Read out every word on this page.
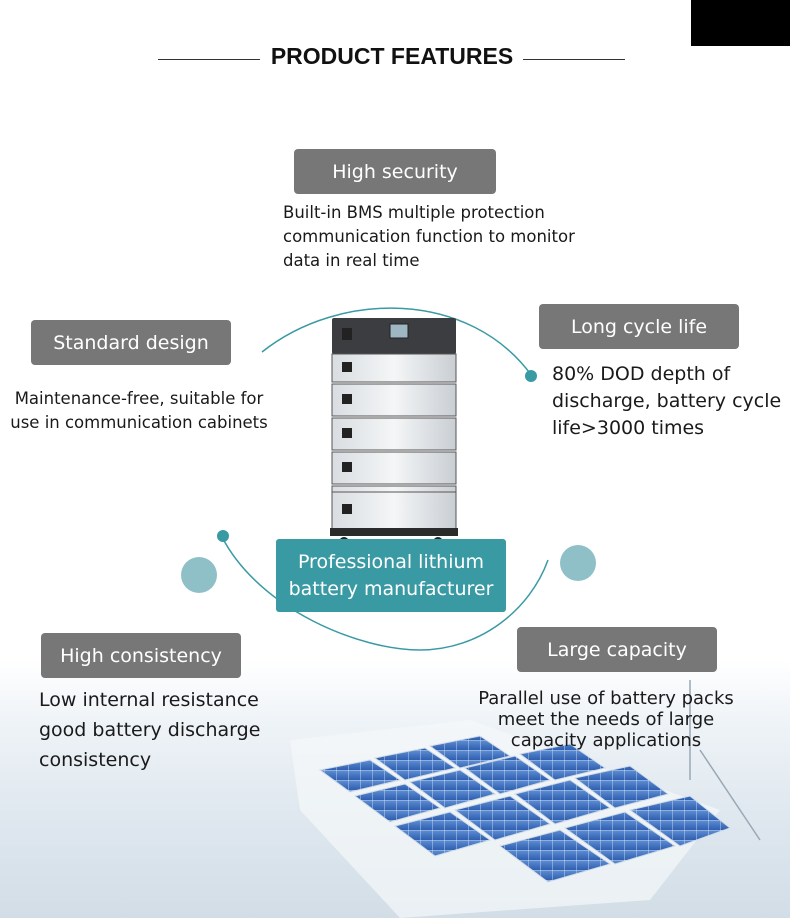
PRODUCT FEATURES
High security
Built-in BMS multiple protection
communication function to monitor
data in real time
Standard design
Maintenance-free, suitable for
use in communication cabinets
Long cycle life
80% DOD depth of
discharge, battery cycle
life>3000 times
Professional lithium
battery manufacturer
High consistency
Low internal resistance
good battery discharge
consistency
Large capacity
Parallel use of battery packs
meet the needs of large
capacity applications
